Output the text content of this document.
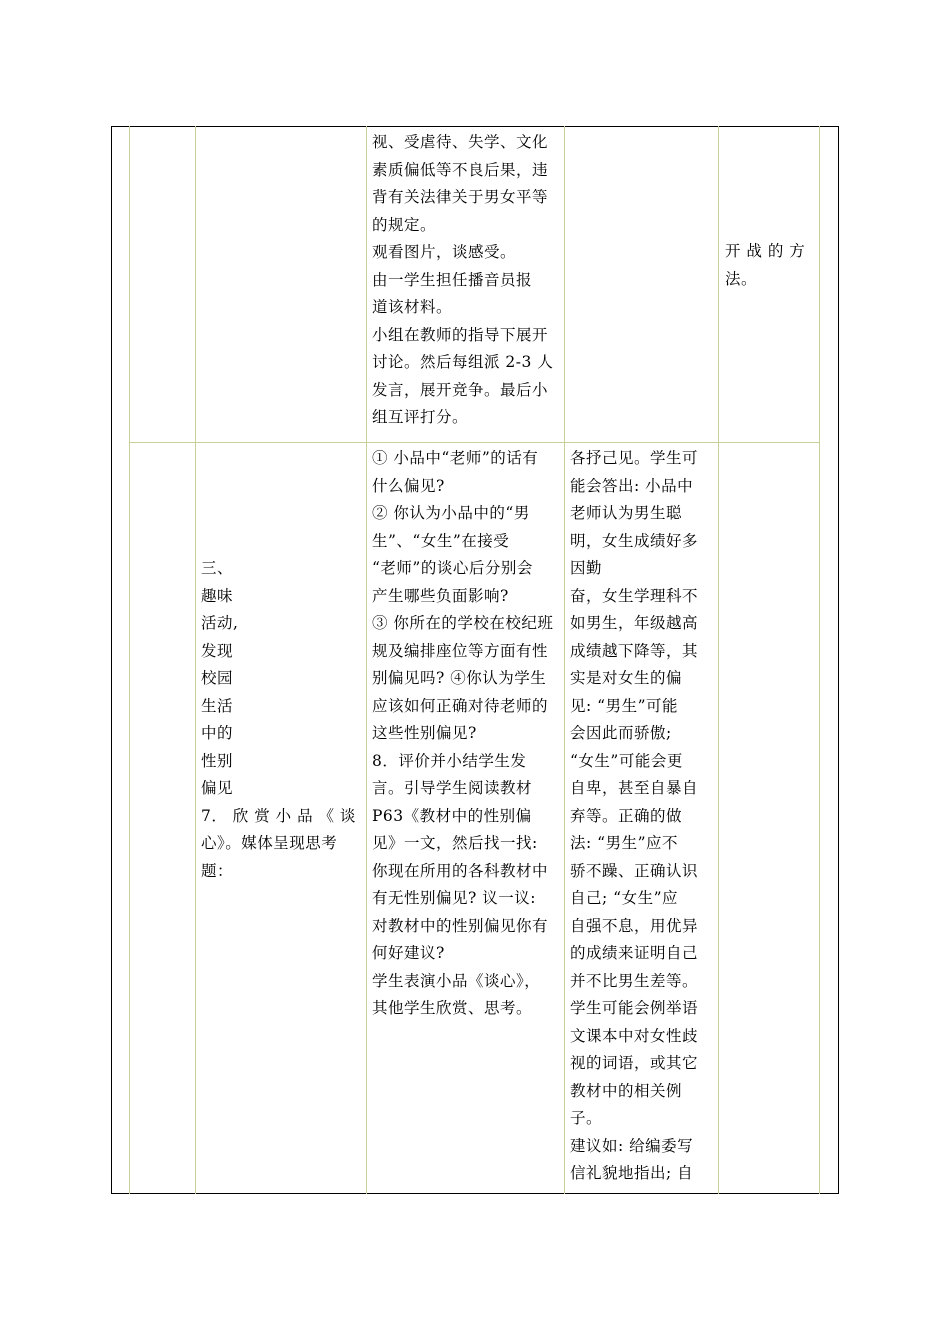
视、受虐待、失学、文化

素质偏低等不良后果，违

背有关法律关于男女平等

的规定。

观看图片，谈感受。

由一学生担任播音员报

道该材料。

小组在教师的指导下展开

讨论。然后每组派 2-3 人

发言，展开竞争。最后小

组互评打分。

开 战 的 方

法。

三、

趣味

活动,

发现

校园

生活

中的

性别

偏见

7． 欣 赏 小 品 《 谈

心》。媒体呈现思考

题：

① 小品中“老师”的话有

什么偏见?

② 你认为小品中的“男

生”、“女生”在接受

“老师”的谈心后分别会

产生哪些负面影响?

③ 你所在的学校在校纪班

规及编排座位等方面有性

别偏见吗? ④你认为学生

应该如何正确对待老师的

这些性别偏见?

8．评价并小结学生发

言。引导学生阅读教材

P63《教材中的性别偏

见》一文，然后找一找:

你现在所用的各科教材中

有无性别偏见? 议一议:

对教材中的性别偏见你有

何好建议?

学生表演小品《谈心》，

其他学生欣赏、思考。

各抒己见。学生可

能会答出: 小品中

老师认为男生聪

明，女生成绩好多

因勤

奋，女生学理科不

如男生，年级越高

成绩越下降等，其

实是对女生的偏

见: “男生”可能

会因此而骄傲;

“女生”可能会更

自卑，甚至自暴自

弃等。正确的做

法: “男生”应不

骄不躁、正确认识

自己; “女生”应

自强不息，用优异

的成绩来证明自己

并不比男生差等。

学生可能会例举语

文课本中对女性歧

视的词语，或其它

教材中的相关例

子。

建议如: 给编委写

信礼貌地指出; 自
